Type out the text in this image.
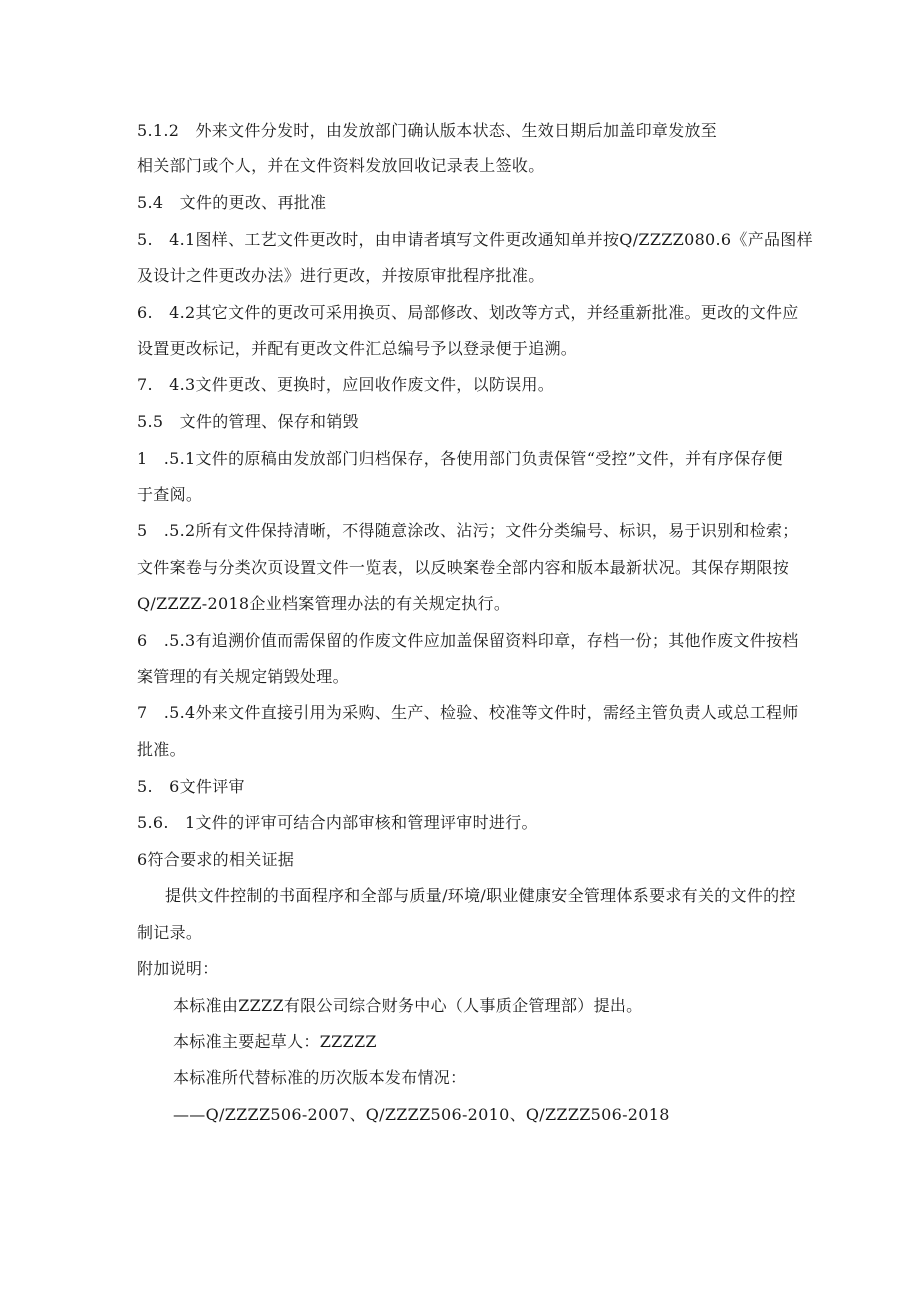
5.1.2　外来文件分发时，由发放部门确认版本状态、生效日期后加盖印章发放至
相关部门或个人，并在文件资料发放回收记录表上签收。
5.4　文件的更改、再批准
5.　4.1图样、工艺文件更改时，由申请者填写文件更改通知单并按Q/ZZZZ080.6《产品图样
及设计之件更改办法》进行更改，并按原审批程序批准。
6.　4.2其它文件的更改可采用换页、局部修改、划改等方式，并经重新批准。更改的文件应
设置更改标记，并配有更改文件汇总编号予以登录便于追溯。
7.　4.3文件更改、更换时，应回收作废文件，以防误用。
5.5　文件的管理、保存和销毁
1　.5.1文件的原稿由发放部门归档保存，各使用部门负责保管“受控”文件，并有序保存便
于查阅。
5　.5.2所有文件保持清晰，不得随意涂改、沾污；文件分类编号、标识，易于识别和检索；
文件案卷与分类次页设置文件一览表，以反映案卷全部内容和版本最新状况。其保存期限按
Q/ZZZZ-2018企业档案管理办法的有关规定执行。
6　.5.3有追溯价值而需保留的作废文件应加盖保留资料印章，存档一份；其他作废文件按档
案管理的有关规定销毁处理。
7　.5.4外来文件直接引用为采购、生产、检验、校准等文件时，需经主管负责人或总工程师
批准。
5.　6文件评审
5.6.　1文件的评审可结合内部审核和管理评审时进行。
6符合要求的相关证据
提供文件控制的书面程序和全部与质量/环境/职业健康安全管理体系要求有关的文件的控
制记录。
附加说明：
本标准由ZZZZ有限公司综合财务中心（人事质企管理部）提出。
本标准主要起草人：ZZZZZ
本标准所代替标准的历次版本发布情况：
——Q/ZZZZ506-2007、Q/ZZZZ506-2010、Q/ZZZZ506-2018
